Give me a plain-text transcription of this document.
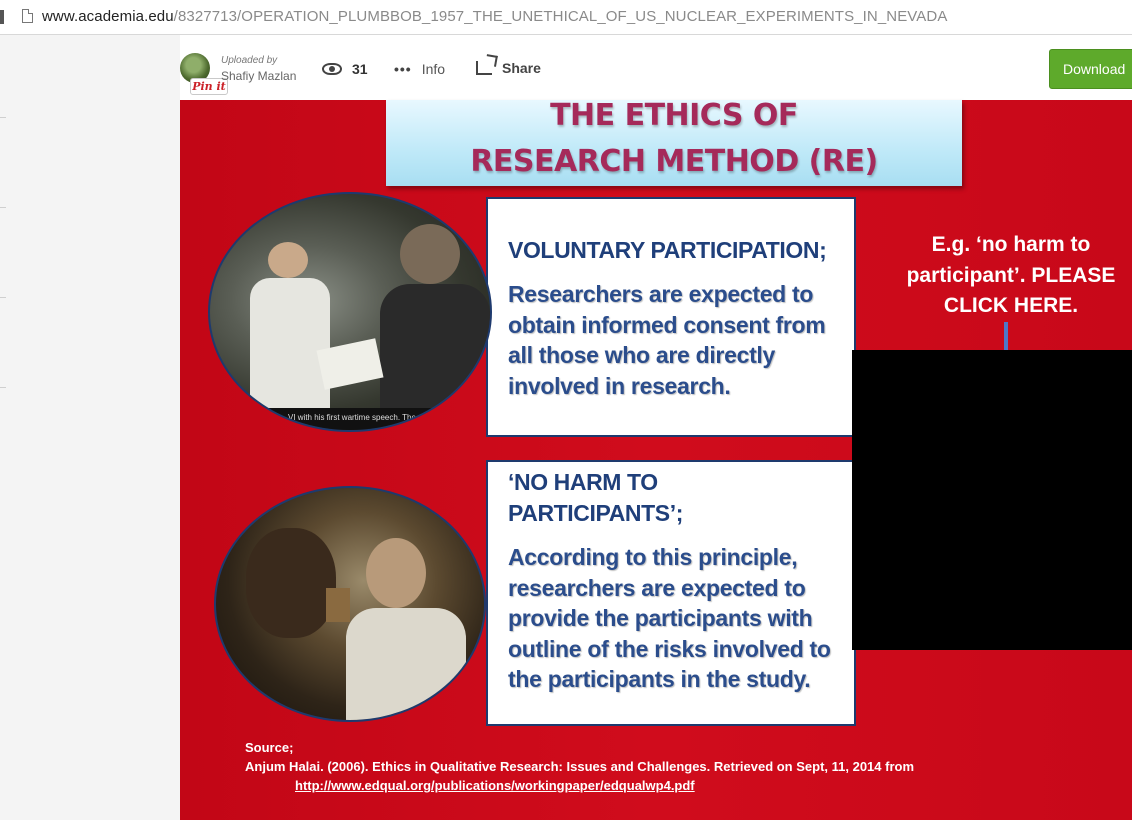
www.academia.edu/8327713/OPERATION_PLUMBBOB_1957_THE_UNETHICAL_OF_US_NUCLEAR_EXPERIMENTS_IN_NEVADA
Pin it
Uploaded by
Shafiy Mazlan	31 ••• Info	Share	Download
THE ETHICS OF
RESEARCH METHOD (RE)
VOLUNTARY PARTICIPATION;
Researchers are expected to obtain informed consent from all those who are directly involved in research.
VI with his first wartime speech. The em
‘NO HARM TO PARTICIPANTS’;
According to this principle, researchers are expected to provide the participants with outline of the risks involved to the participants in the study.
E.g. ‘no harm to participant’. PLEASE CLICK HERE.
Source;
Anjum Halai. (2006). Ethics in Qualitative Research: Issues and Challenges. Retrieved on Sept, 11, 2014 from
http://www.edqual.org/publications/workingpaper/edqualwp4.pdf
